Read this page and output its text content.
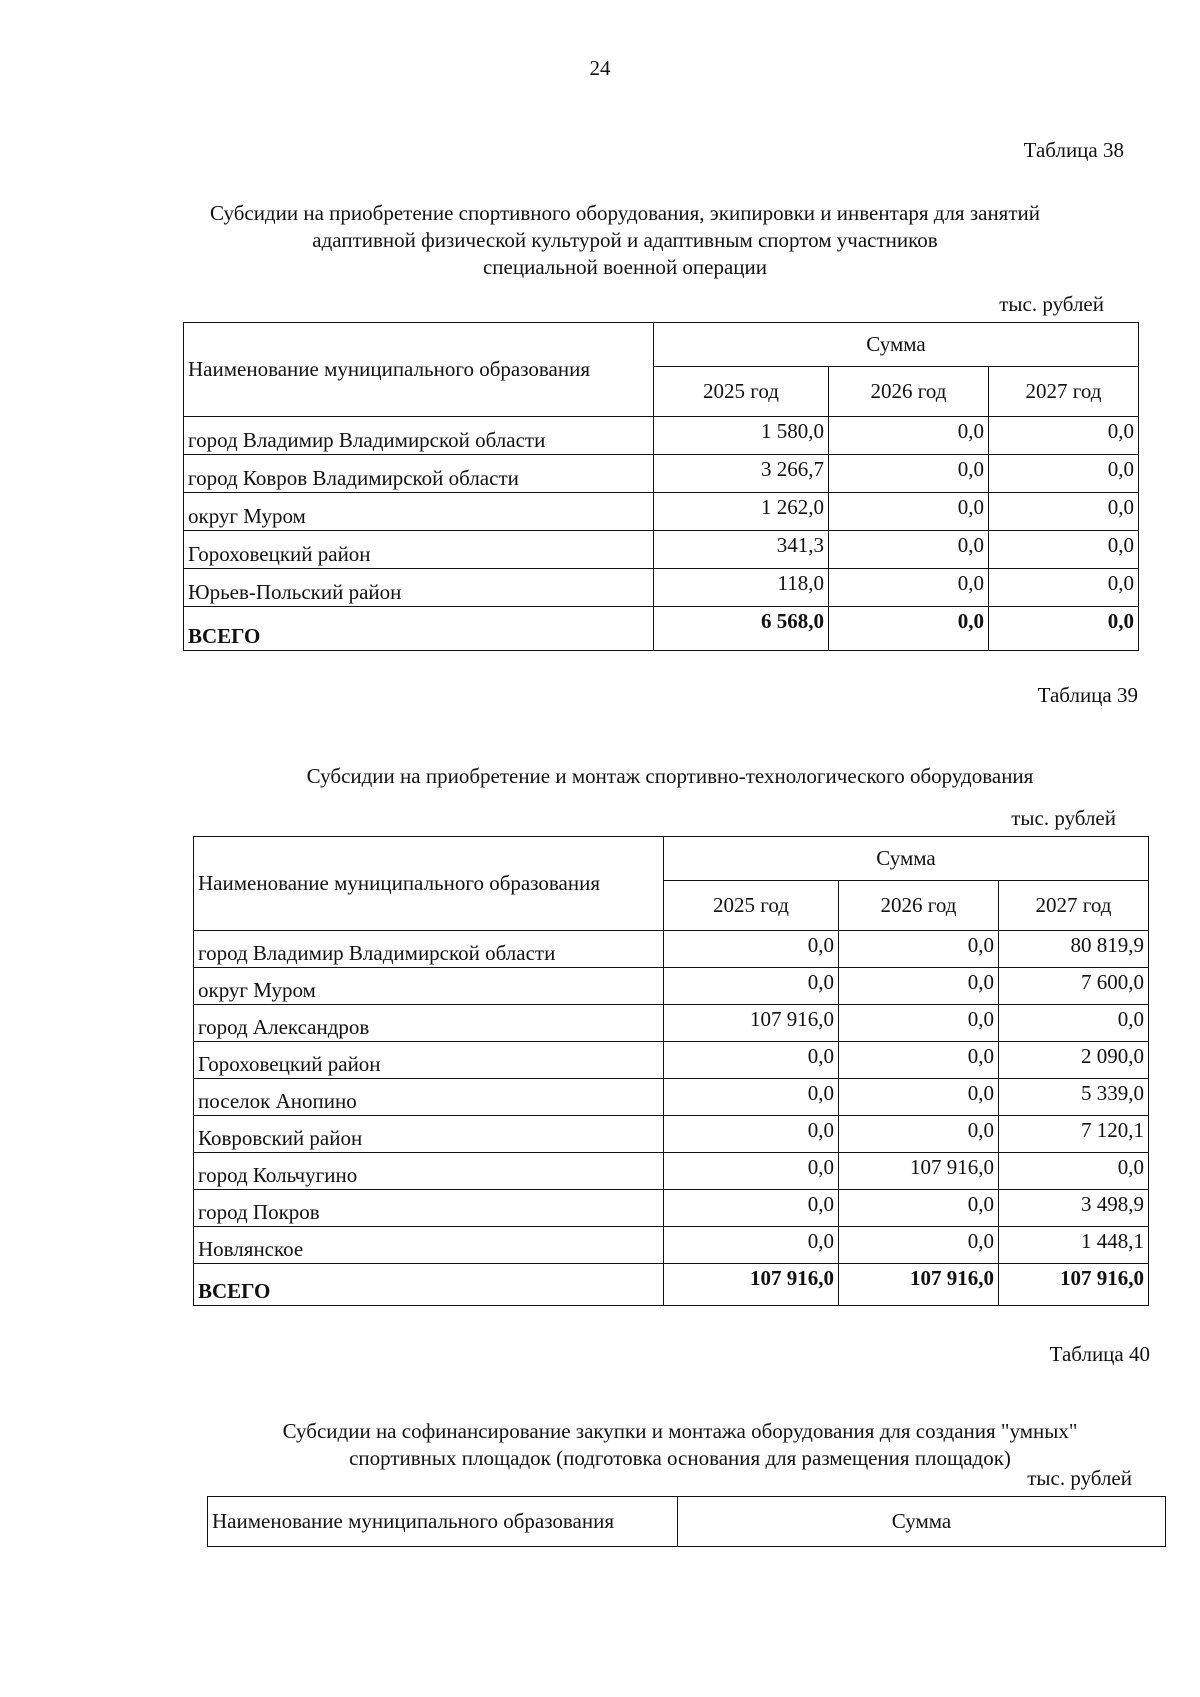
24
Таблица 38
Субсидии на приобретение спортивного оборудования, экипировки и инвентаря для занятий
адаптивной физической культурой и адаптивным спортом участников
специальной военной операции
тыс. рублей
Наименование муниципального образования	Сумма		
	2025 год	2026 год	2027 год
город Владимир Владимирской области	1 580,0	0,0	0,0
город Ковров Владимирской области	3 266,7	0,0	0,0
округ Муром	1 262,0	0,0	0,0
Гороховецкий район	341,3	0,0	0,0
Юрьев-Польский район	118,0	0,0	0,0
ВСЕГО	6 568,0	0,0	0,0
Таблица 39
Субсидии на приобретение и монтаж спортивно-технологического оборудования
тыс. рублей
Наименование муниципального образования	Сумма		
	2025 год	2026 год	2027 год
город Владимир Владимирской области	0,0	0,0	80 819,9
округ Муром	0,0	0,0	7 600,0
город Александров	107 916,0	0,0	0,0
Гороховецкий район	0,0	0,0	2 090,0
поселок Анопино	0,0	0,0	5 339,0
Ковровский район	0,0	0,0	7 120,1
город Кольчугино	0,0	107 916,0	0,0
город Покров	0,0	0,0	3 498,9
Новлянское	0,0	0,0	1 448,1
ВСЕГО	107 916,0	107 916,0	107 916,0
Таблица 40
Субсидии на софинансирование закупки и монтажа оборудования для создания "умных"
спортивных площадок (подготовка основания для размещения площадок)
тыс. рублей
Наименование муниципального образования	Сумма
